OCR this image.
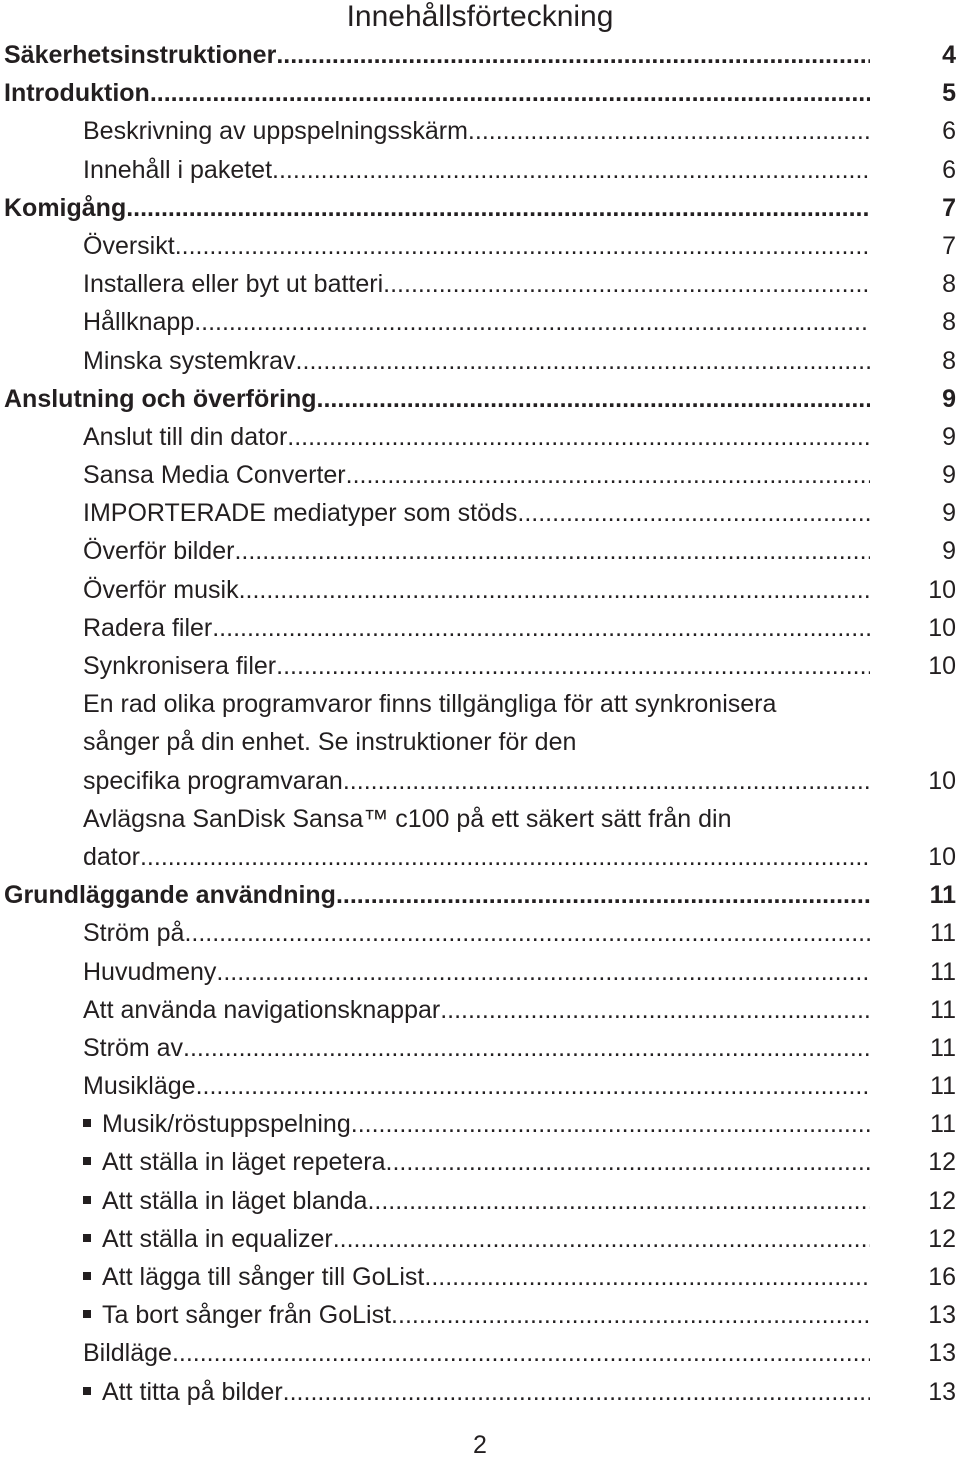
Innehållsförteckning
Säkerhetsinstruktioner .....	4
Introduktion .....	5
Beskrivning av uppspelningsskärm .....	6
Innehåll i paketet .....	6
Komigång .....	7
Översikt .....	7
Installera eller byt ut batteri .....	8
Hållknapp .....	8
Minska systemkrav .....	8
Anslutning och överföring .....	9
Anslut till din dator .....	9
Sansa Media Converter .....	9
IMPORTERADE mediatyper som stöds .....	9
Överför bilder .....	9
Överför musik .....	10
Radera filer .....	10
Synkronisera filer .....	10
En rad olika programvaror finns tillgängliga för att synkronisera
sånger på din enhet. Se instruktioner för den
specifika programvaran. .....	10
Avlägsna SanDisk Sansa™ c100 på ett säkert sätt från din
dator .....	10
Grundläggande användning .....	11
Ström på .....	11
Huvudmeny .....	11
Att använda navigationsknappar .....	11
Ström av .....	11
Musikläge .....	11
Musik/röstuppspelning .....	11
Att ställa in läget repetera .....	12
Att ställa in läget blanda .....	12
Att ställa in equalizer .....	12
Att lägga till sånger till GoList .....	16
Ta bort sånger från GoList .....	13
Bildläge .....	13
Att titta på bilder .....	13
2
